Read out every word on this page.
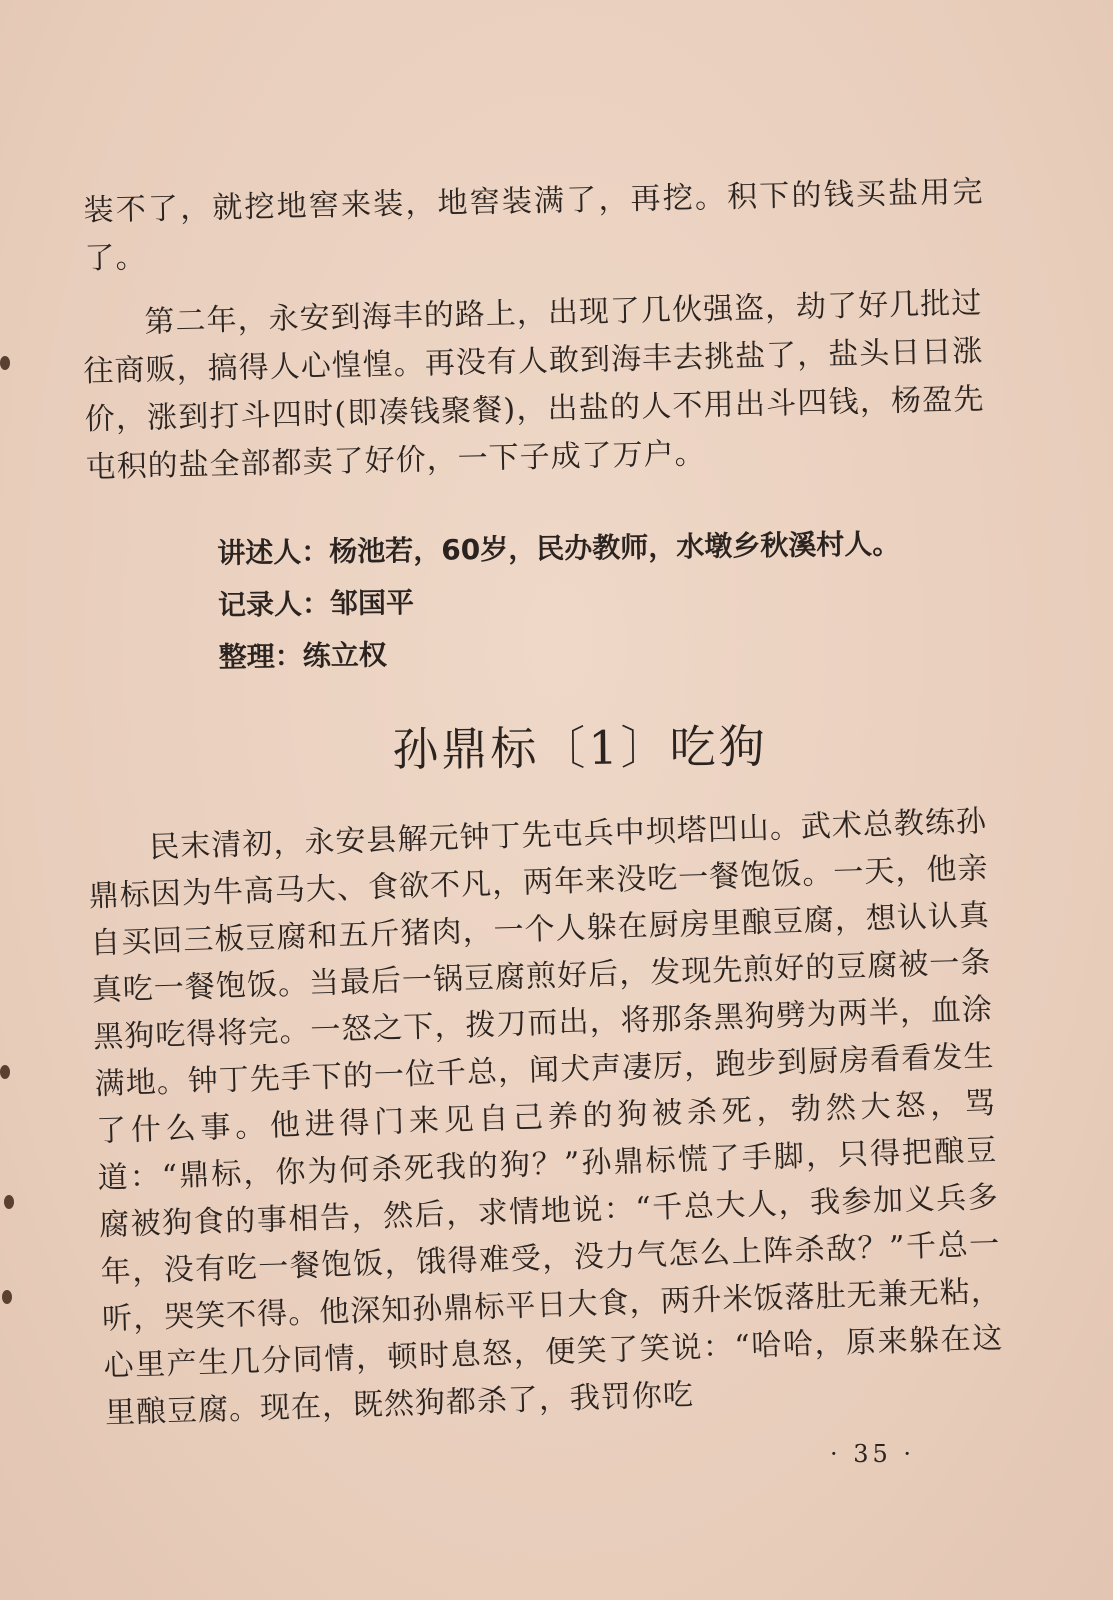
装不了，就挖地窖来装，地窖装满了，再挖。积下的钱买盐用完了。

第二年，永安到海丰的路上，出现了几伙强盗，劫了好几批过往商贩，搞得人心惶惶。再没有人敢到海丰去挑盐了，盐头日日涨价，涨到打斗四时(即凑钱聚餐)，出盐的人不用出斗四钱，杨盈先屯积的盐全部都卖了好价，一下子成了万户。

讲述人：杨池若，60岁，民办教师，水墩乡秋溪村人。
记录人：邹国平
整理：练立权
孙鼎标〔1〕吃狗

民末清初，永安县解元钟丁先屯兵中坝塔凹山。武术总教练孙鼎标因为牛高马大、食欲不凡，两年来没吃一餐饱饭。一天，他亲自买回三板豆腐和五斤猪肉，一个人躲在厨房里酿豆腐，想认认真真吃一餐饱饭。当最后一锅豆腐煎好后，发现先煎好的豆腐被一条黑狗吃得将完。一怒之下，拨刀而出，将那条黑狗劈为两半，血涂满地。钟丁先手下的一位千总，闻犬声凄厉，跑步到厨房看看发生了什么事。他进得门来见自己养的狗被杀死，勃然大怒，骂道：“鼎标，你为何杀死我的狗？”孙鼎标慌了手脚，只得把酿豆腐被狗食的事相告，然后，求情地说：“千总大人，我参加义兵多年，没有吃一餐饱饭，饿得难受，没力气怎么上阵杀敌？”千总一听，哭笑不得。他深知孙鼎标平日大食，两升米饭落肚无兼无粘，心里产生几分同情，顿时息怒，便笑了笑说：“哈哈，原来躲在这里酿豆腐。现在，既然狗都杀了，我罚你吃

· 35 ·
